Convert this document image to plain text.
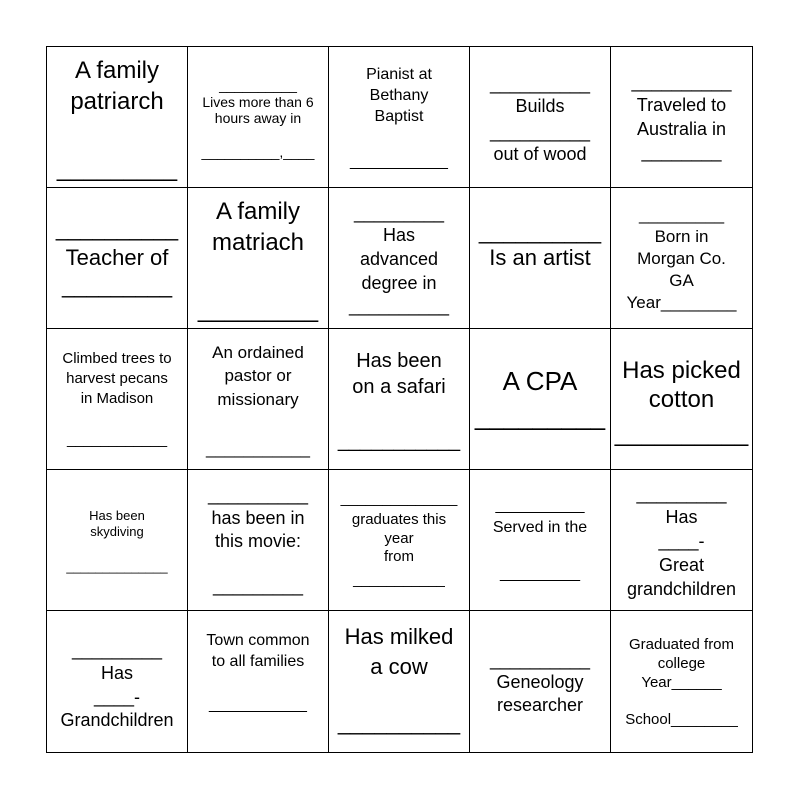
A family
patriarch
_________
__________
Lives more than 6
hours away in
__________,____
Pianist at
Bethany
Baptist
___________
__________
Builds
__________
out of wood
__________
Traveled to
Australia in
________
__________
Teacher of
_________
A family
matriach
_________
_________
Has
advanced
degree in
__________
__________
Is an artist
_________
Born in
Morgan Co.
GA
Year________
Climbed trees to
harvest pecans
in Madison
____________
An ordained
pastor or
missionary
___________
Has been
on a safari
___________
A CPA
_________
Has picked
cotton
__________
Has been
skydiving
______________
__________
has been in
this movie:
_________
______________
graduates this
year
from
___________
__________
Served in the
_________
_________
Has
____-
Great
grandchildren
_________
Has
____-
Grandchildren
Town common
to all families
___________
Has milked
a cow
__________
__________
Geneology
researcher
Graduated from
college
Year______
School________
